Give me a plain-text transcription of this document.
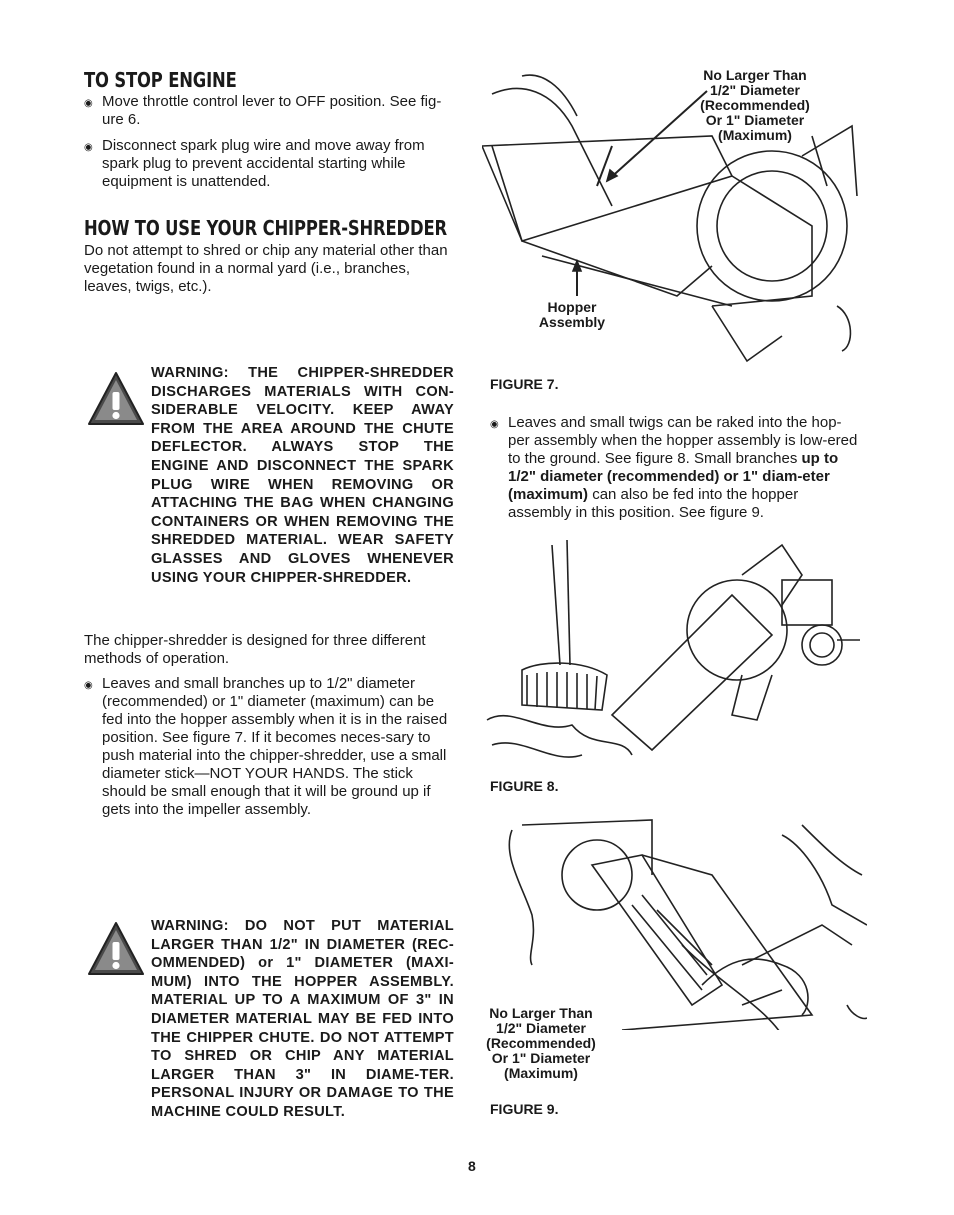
TO STOP ENGINE
◉ Move throttle control lever to OFF position. See fig-ure 6.
◉ Disconnect spark plug wire and move away from spark plug to prevent accidental starting while equipment is unattended.
HOW TO USE YOUR CHIPPER-SHREDDER
Do not attempt to shred or chip any material other than vegetation found in a normal yard (i.e., branches, leaves, twigs, etc.).

WARNING: THE CHIPPER-SHREDDER DISCHARGES MATERIALS WITH CON-SIDERABLE VELOCITY. KEEP AWAY FROM THE AREA AROUND THE CHUTE DEFLECTOR. ALWAYS STOP THE ENGINE AND DISCONNECT THE SPARK PLUG WIRE WHEN REMOVING OR ATTACHING THE BAG WHEN CHANGING CONTAINERS OR WHEN REMOVING THE SHREDDED MATERIAL. WEAR SAFETY GLASSES AND GLOVES WHENEVER USING YOUR CHIPPER-SHREDDER.

The chipper-shredder is designed for three different methods of operation.
◉ Leaves and small branches up to 1/2" diameter (recommended) or 1" diameter (maximum) can be fed into the hopper assembly when it is in the raised position. See figure 7. If it becomes neces-sary to push material into the chipper-shredder, use a small diameter stick—NOT YOUR HANDS. The stick should be small enough that it will be ground up if gets into the impeller assembly.

WARNING: DO NOT PUT MATERIAL LARGER THAN 1/2" IN DIAMETER (REC-OMMENDED) or 1" DIAMETER (MAXI-MUM) INTO THE HOPPER ASSEMBLY. MATERIAL UP TO A MAXIMUM OF 3" IN DIAMETER MATERIAL MAY BE FED INTO THE CHIPPER CHUTE. DO NOT ATTEMPT TO SHRED OR CHIP ANY MATERIAL LARGER THAN 3" IN DIAME-TER. PERSONAL INJURY OR DAMAGE TO THE MACHINE COULD RESULT.

No Larger Than
1/2" Diameter
(Recommended)
Or 1" Diameter
(Maximum)
Hopper
Assembly
FIGURE 7.
◉ Leaves and small twigs can be raked into the hop-per assembly when the hopper assembly is low-ered to the ground. See figure 8. Small branches up to 1/2" diameter (recommended) or 1" diam-eter (maximum) can also be fed into the hopper assembly in this position. See figure 9.
FIGURE 8.
No Larger Than
1/2" Diameter
(Recommended)
Or 1" Diameter
(Maximum)
FIGURE 9.
8
